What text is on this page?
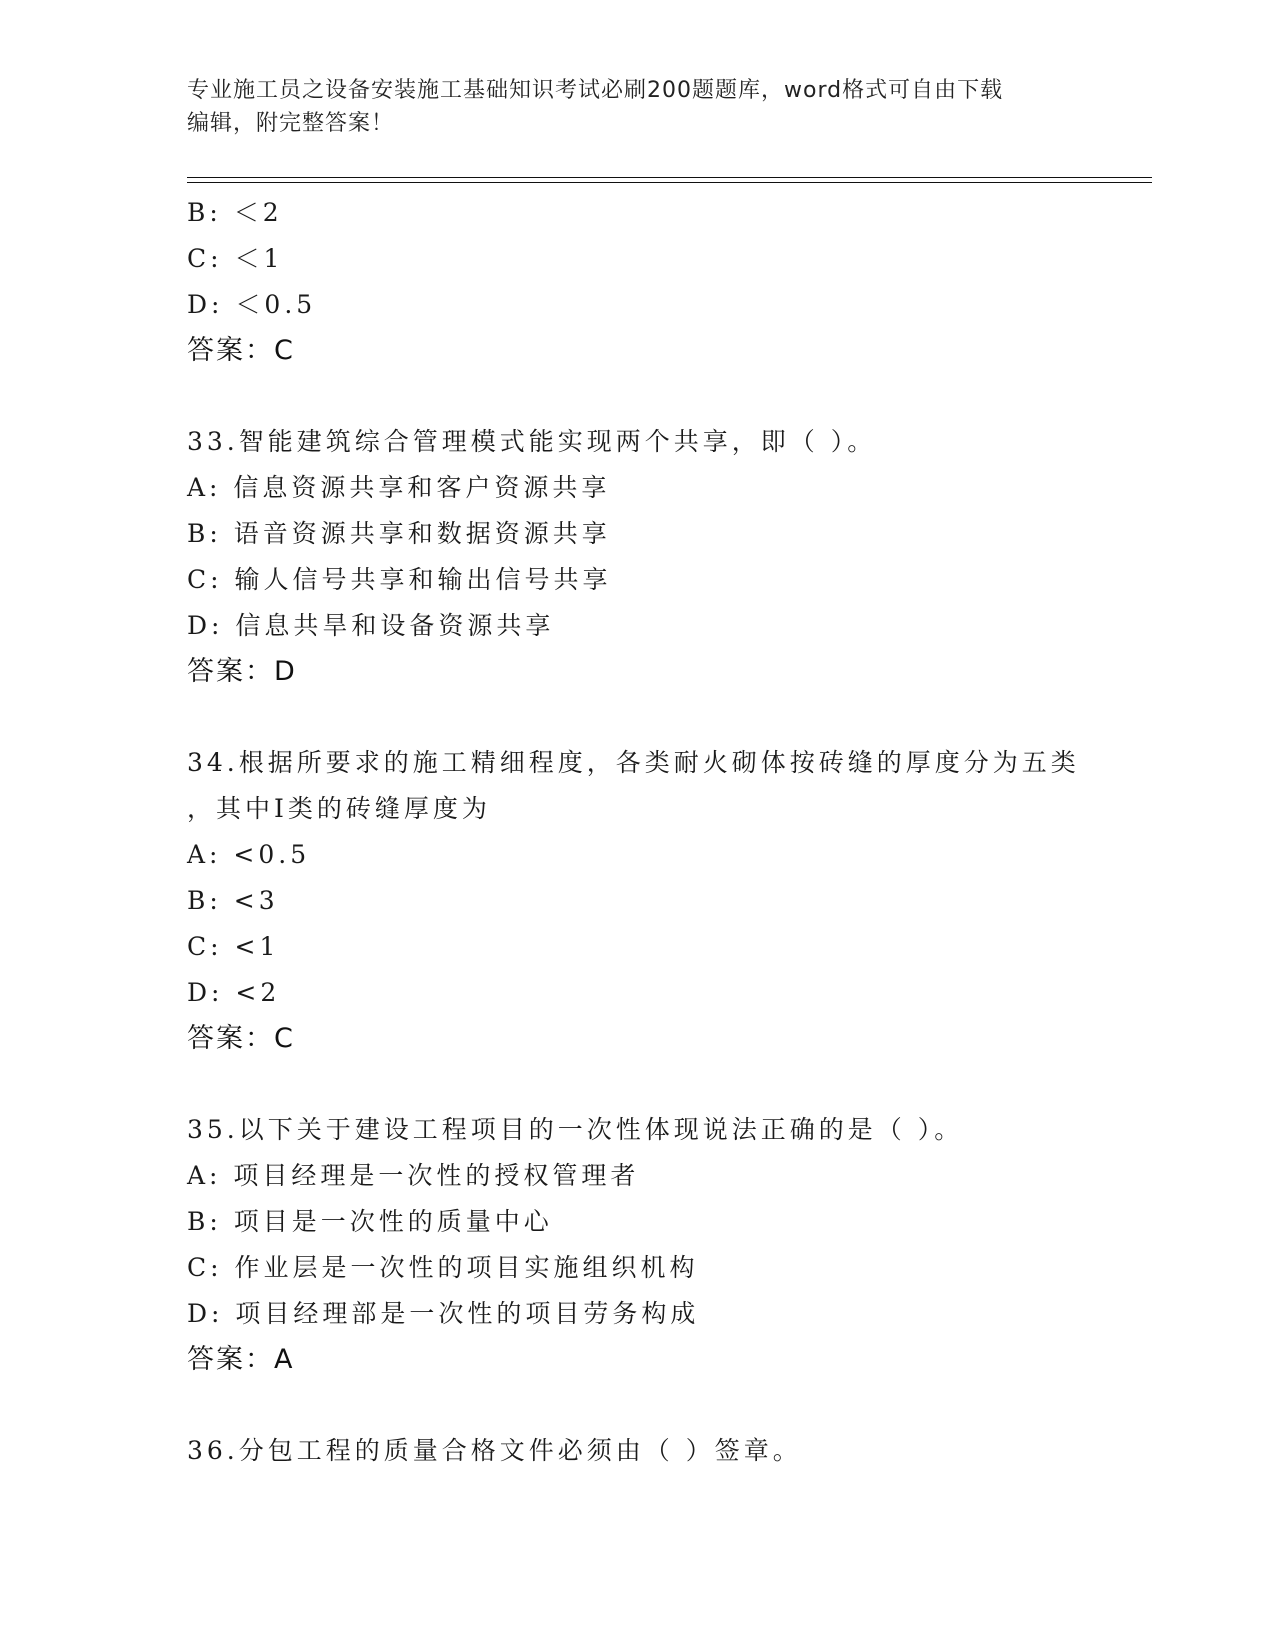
专业施工员之设备安装施工基础知识考试必刷200题题库，word格式可自由下载
编辑，附完整答案！
B: ＜2
C: ＜1
D: ＜0.5
答案：C
33.智能建筑综合管理模式能实现两个共享，即（ ）。
A: 信息资源共享和客户资源共享
B: 语音资源共享和数据资源共享
C: 输人信号共享和输出信号共享
D: 信息共旱和设备资源共享
答案：D
34.根据所要求的施工精细程度，各类耐火砌体按砖缝的厚度分为五类
，其中Ⅰ类的砖缝厚度为
A: <0.5
B: <3
C: <1
D: <2
答案：C
35.以下关于建设工程项目的一次性体现说法正确的是（ ）。
A: 项目经理是一次性的授权管理者
B: 项目是一次性的质量中心
C: 作业层是一次性的项目实施组织机构
D: 项目经理部是一次性的项目劳务构成
答案：A
36.分包工程的质量合格文件必须由（ ）签章。
